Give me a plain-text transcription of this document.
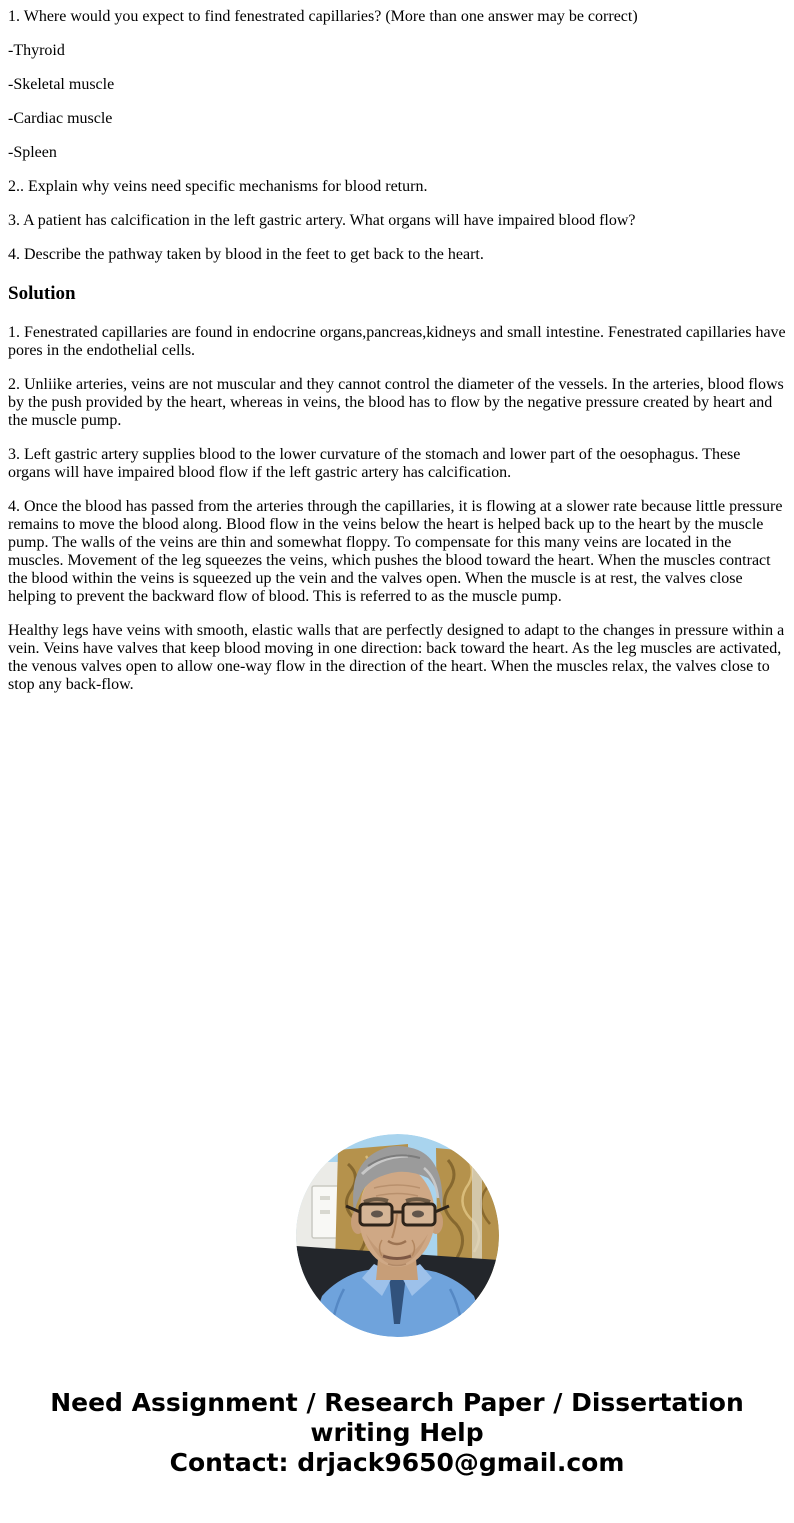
1. Where would you expect to find fenestrated capillaries? (More than one answer may be correct)

-Thyroid

-Skeletal muscle

-Cardiac muscle

-Spleen

2.. Explain why veins need specific mechanisms for blood return.

3. A patient has calcification in the left gastric artery. What organs will have impaired blood flow?

4. Describe the pathway taken by blood in the feet to get back to the heart.

Solution

1. Fenestrated capillaries are found in endocrine organs,pancreas,kidneys and small intestine. Fenestrated capillaries have pores in the endothelial cells.

2. Unliike arteries, veins are not muscular and they cannot control the diameter of the vessels. In the arteries, blood flows by the push provided by the heart, whereas in veins, the blood has to flow by the negative pressure created by heart and the muscle pump.

3. Left gastric artery supplies blood to the lower curvature of the stomach and lower part of the oesophagus. These organs will have impaired blood flow if the left gastric artery has calcification.

4. Once the blood has passed from the arteries through the capillaries, it is flowing at a slower rate because little pressure remains to move the blood along. Blood flow in the veins below the heart is helped back up to the heart by the muscle pump. The walls of the veins are thin and somewhat floppy. To compensate for this many veins are located in the muscles. Movement of the leg squeezes the veins, which pushes the blood toward the heart. When the muscles contract the blood within the veins is squeezed up the vein and the valves open. When the muscle is at rest, the valves close helping to prevent the backward flow of blood. This is referred to as the muscle pump.

Healthy legs have veins with smooth, elastic walls that are perfectly designed to adapt to the changes in pressure within a vein. Veins have valves that keep blood moving in one direction: back toward the heart. As the leg muscles are activated, the venous valves open to allow one-way flow in the direction of the heart. When the muscles relax, the valves close to stop any back-flow.

Need Assignment / Research Paper / Dissertation writing Help
Contact: drjack9650@gmail.com
